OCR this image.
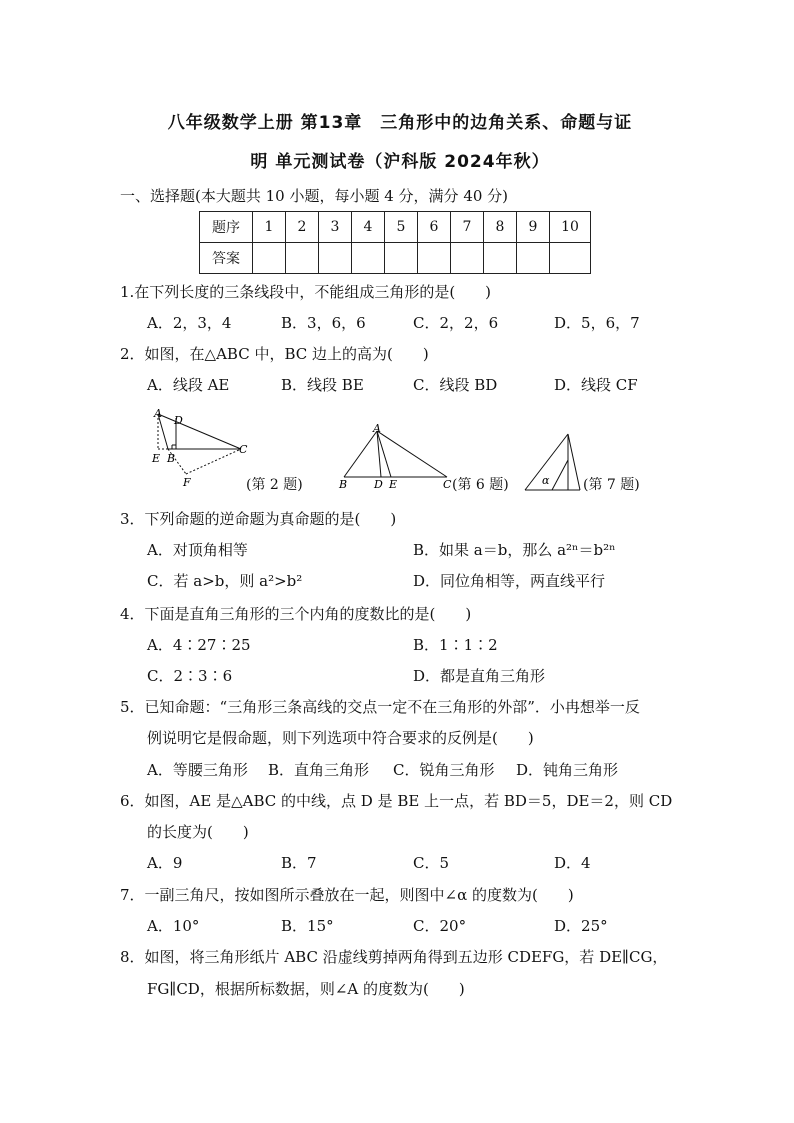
八年级数学上册 第13章　三角形中的边角关系、命题与证
明 单元测试卷（沪科版 2024年秋）
一、选择题(本大题共 10 小题，每小题 4 分，满分 40 分)
题序	1	2	3	4	5	6	7	8	9	10
答案										
1.在下列长度的三条线段中，不能组成三角形的是(　　)
A．2，3，4	B．3，6，6	C．2，2，6	D．5，6，7
2．如图，在△ABC 中，BC 边上的高为(　　)
A．线段 AE	B．线段 BE	C．线段 BD	D．线段 CF
A
D
E B
C
F	(第 2 题)
A
B D E	C (第 6 题)	α (第 7 题)
3．下列命题的逆命题为真命题的是(　　)
A．对顶角相等	B．如果 a＝b，那么 a²ⁿ＝b²ⁿ
C．若 a>b，则 a²>b²	D．同位角相等，两直线平行
4．下面是直角三角形的三个内角的度数比的是(　　)
A．4∶27∶25	B．1∶1∶2
C．2∶3∶6	D．都是直角三角形
5．已知命题：“三角形三条高线的交点一定不在三角形的外部”．小冉想举一反
例说明它是假命题，则下列选项中符合要求的反例是(　　)
A．等腰三角形 B．直角三角形 C．锐角三角形 D．钝角三角形
6．如图，AE 是△ABC 的中线，点 D 是 BE 上一点，若 BD＝5，DE＝2，则 CD
的长度为(　　)
A．9	B．7	C．5	D．4
7．一副三角尺，按如图所示叠放在一起，则图中∠α 的度数为(　　)
A．10°	B．15°	C．20°	D．25°
8．如图，将三角形纸片 ABC 沿虚线剪掉两角得到五边形 CDEFG，若 DE∥CG，
FG∥CD，根据所标数据，则∠A 的度数为(　　)
